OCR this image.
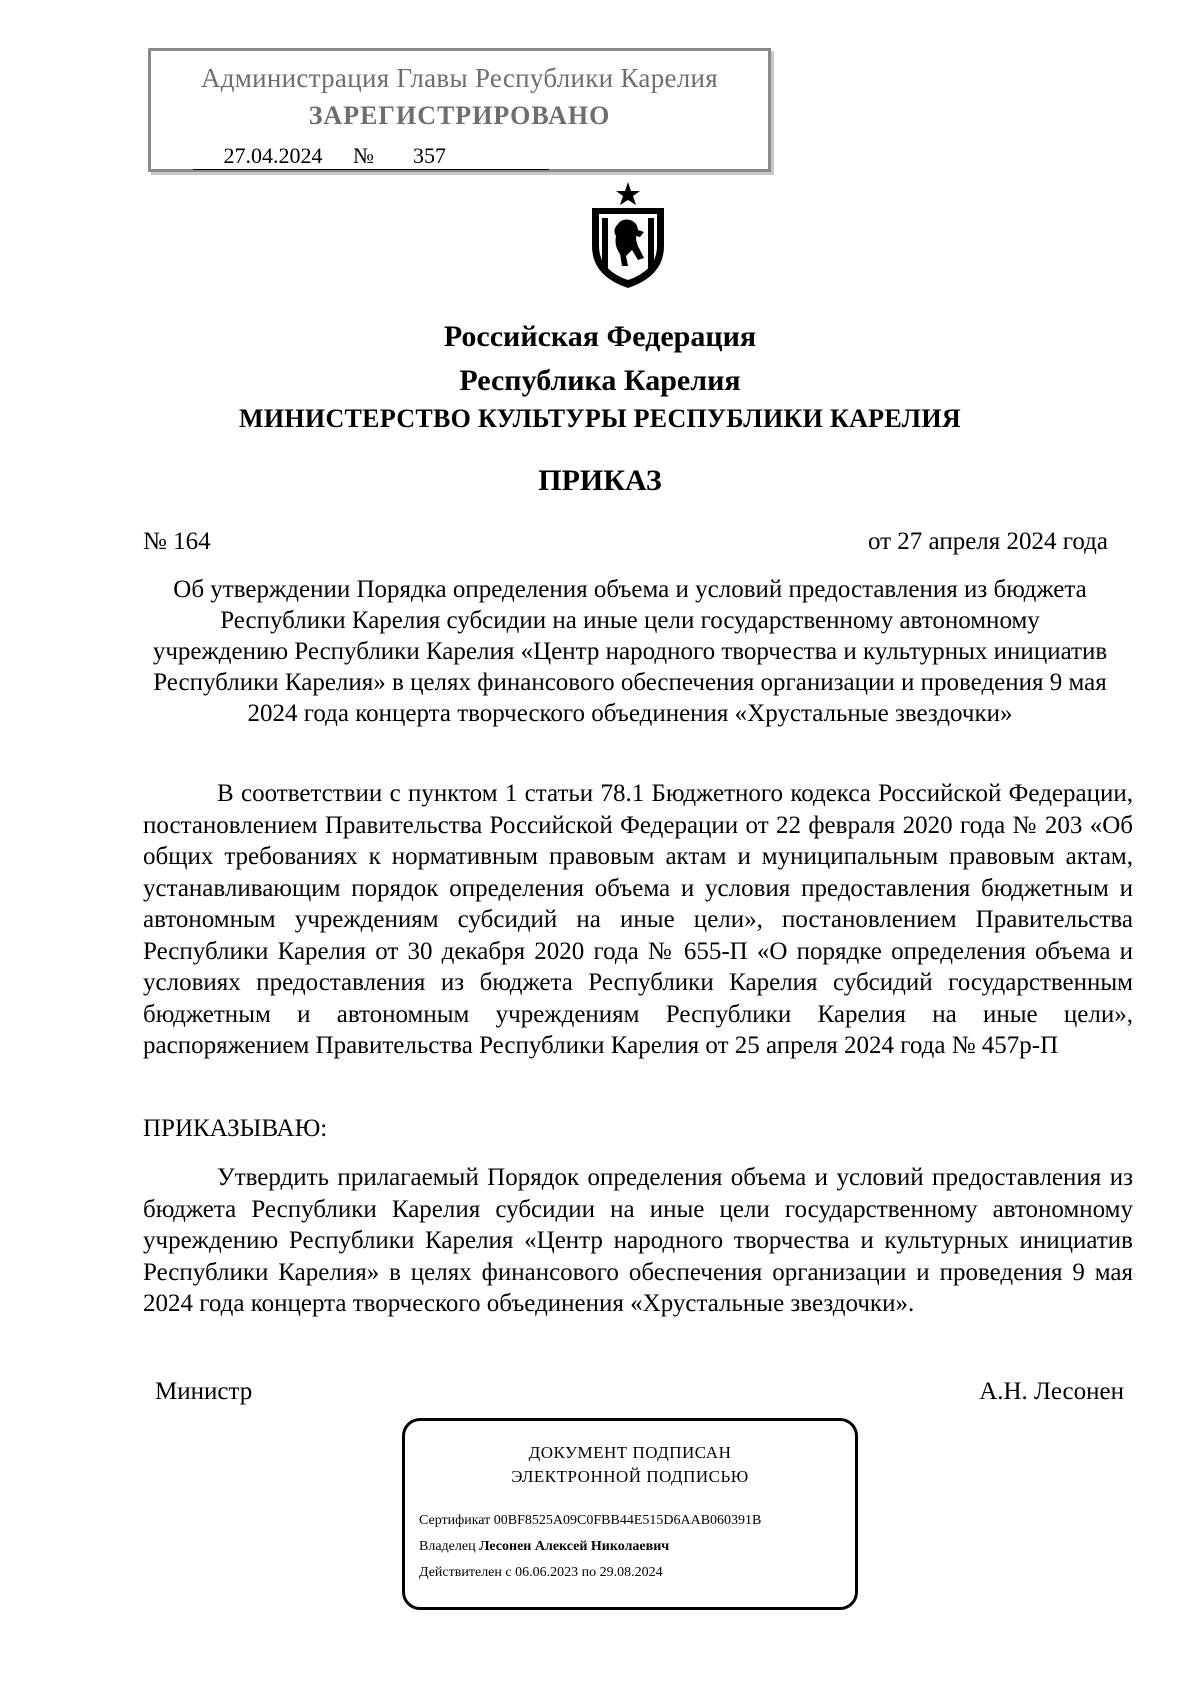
Администрация Главы Республики Карелия
ЗАРЕГИСТРИРОВАНО
27.04.2024 № 357
Российская Федерация
Республика Карелия
МИНИСТЕРСТВО КУЛЬТУРЫ РЕСПУБЛИКИ КАРЕЛИЯ
ПРИКАЗ
№ 164	от 27 апреля 2024 года
Об утверждении Порядка определения объема и условий предоставления из бюджета Республики Карелия субсидии на иные цели государственному автономному учреждению Республики Карелия «Центр народного творчества и культурных инициатив Республики Карелия» в целях финансового обеспечения организации и проведения 9 мая 2024 года концерта творческого объединения «Хрустальные звездочки»

В соответствии с пунктом 1 статьи 78.1 Бюджетного кодекса Российской Федерации, постановлением Правительства Российской Федерации от 22 февраля 2020 года № 203 «Об общих требованиях к нормативным правовым актам и муниципальным правовым актам, устанавливающим порядок определения объема и условия предоставления бюджетным и автономным учреждениям субсидий на иные цели», постановлением Правительства Республики Карелия от 30 декабря 2020 года № 655-П «О порядке определения объема и условиях предоставления из бюджета Республики Карелия субсидий государственным бюджетным и автономным учреждениям Республики Карелия на иные цели», распоряжением Правительства Республики Карелия от 25 апреля 2024 года № 457р-П

ПРИКАЗЫВАЮ:

Утвердить прилагаемый Порядок определения объема и условий предоставления из бюджета Республики Карелия субсидии на иные цели государственному автономному учреждению Республики Карелия «Центр народного творчества и культурных инициатив Республики Карелия» в целях финансового обеспечения организации и проведения 9 мая 2024 года концерта творческого объединения «Хрустальные звездочки».

Министр	А.Н. Лесонен
ДОКУМЕНТ ПОДПИСАН
ЭЛЕКТРОННОЙ ПОДПИСЬЮ
Сертификат 00BF8525A09C0FBB44E515D6AAB060391B
Владелец Лесонен Алексей Николаевич
Действителен с 06.06.2023 по 29.08.2024
